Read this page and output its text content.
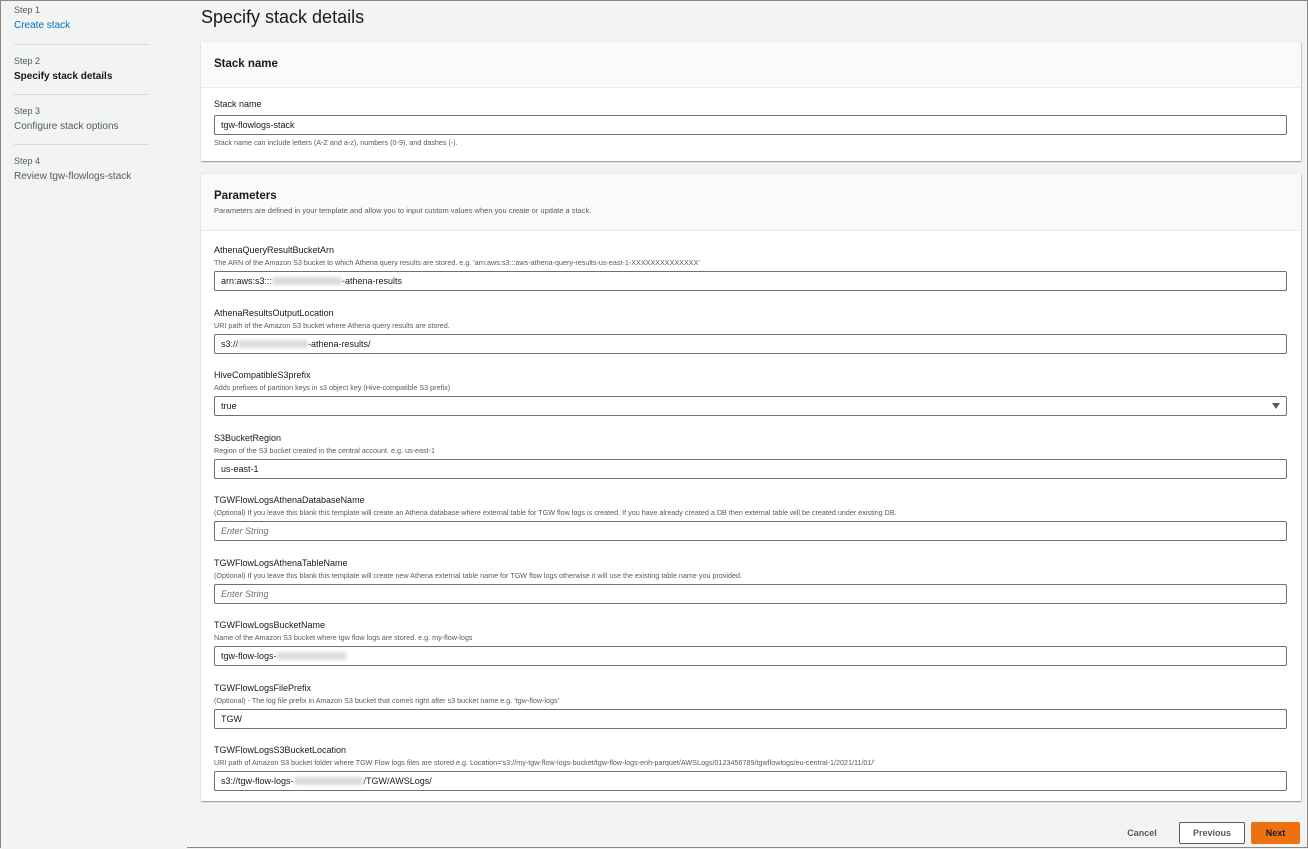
Step 1
Create stack
Step 2
Specify stack details
Step 3
Configure stack options
Step 4
Review tgw-flowlogs-stack
Specify stack details
Stack name
Stack name
tgw-flowlogs-stack
Stack name can include letters (A-Z and a-z), numbers (0-9), and dashes (-).
Parameters

Parameters are defined in your template and allow you to input custom values when you create or update a stack.

AthenaQueryResultBucketArn
The ARN of the Amazon S3 bucket to which Athena query results are stored. e.g. 'arn:aws:s3:::aws-athena-query-results-us-east-1-XXXXXXXXXXXXXX'
arn:aws:s3:::	-athena-results
AthenaResultsOutputLocation
URI path of the Amazon S3 bucket where Athena query results are stored.
s3://	-athena-results/
HiveCompatibleS3prefix
Adds prefixes of partition keys in s3 object key (Hive-compatible S3 prefix)
true
S3BucketRegion
Region of the S3 bucket created in the central account. e.g. us-east-1
us-east-1
TGWFlowLogsAthenaDatabaseName
(Optional) If you leave this blank this template will create an Athena database where external table for TGW flow logs is created. If you have already created a DB then external table will be created under existing DB.
Enter String
TGWFlowLogsAthenaTableName
(Optional) If you leave this blank this template will create new Athena external table name for TGW flow logs otherwise it will use the existing table name you provided.
Enter String
TGWFlowLogsBucketName
Name of the Amazon S3 bucket where tgw flow logs are stored. e.g. my-flow-logs
tgw-flow-logs-
TGWFlowLogsFilePrefix
(Optional) - The log file prefix in Amazon S3 bucket that comes right after s3 bucket name e.g. 'tgw-flow-logs'
TGW
TGWFlowLogsS3BucketLocation
URI path of Amazon S3 bucket folder where TGW Flow logs files are stored e.g. Location='s3://my-tgw-flow-logs-bucket/tgw-flow-logs-enh-parquet/AWSLogs/0123456789/tgwflowlogs/eu-central-1/2021/11/01/'
s3://tgw-flow-logs-	/TGW/AWSLogs/
Cancel	Previous	Next
